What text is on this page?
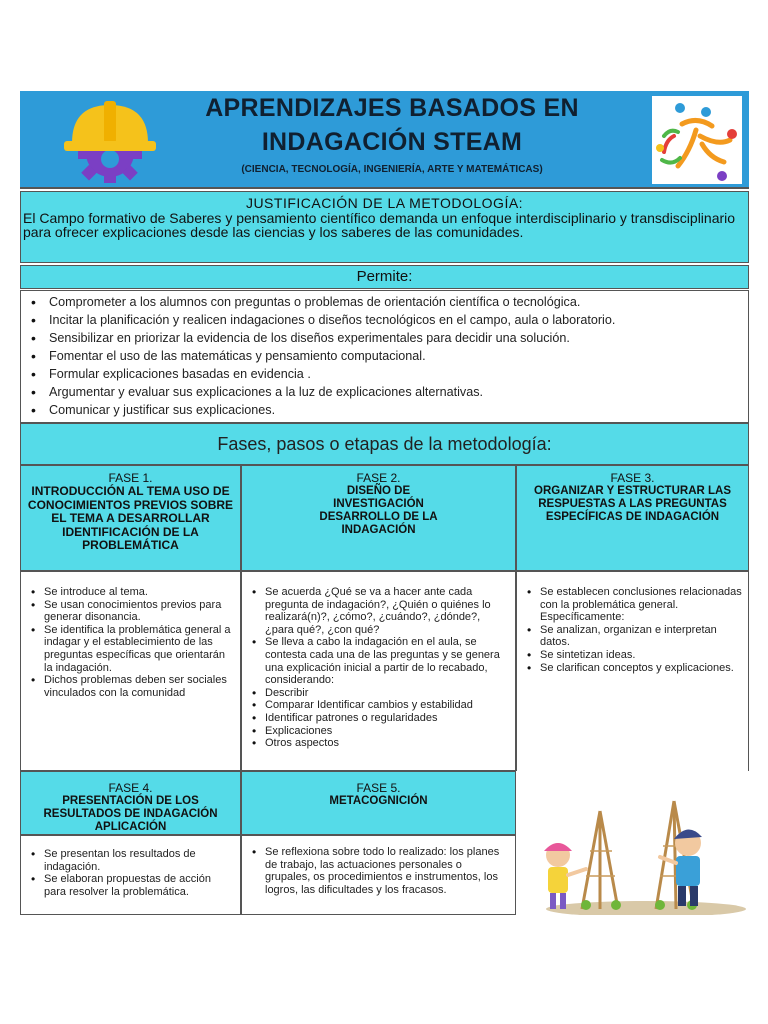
APRENDIZAJES BASADOS EN
INDAGACIÓN STEAM
(CIENCIA, TECNOLOGÍA, INGENIERÍA, ARTE Y MATEMÁTICAS)
JUSTIFICACIÓN DE LA METODOLOGÍA:
El Campo formativo de Saberes y pensamiento científico demanda un enfoque interdisciplinario y transdisciplinario para ofrecer explicaciones desde las ciencias y los saberes de las comunidades.
Permite:
• Comprometer a los alumnos con preguntas o problemas de orientación científica o tecnológica.
• Incitar la planificación y realicen indagaciones o diseños tecnológicos en el campo, aula o laboratorio.
• Sensibilizar en priorizar la evidencia de los diseños experimentales para decidir una solución.
• Fomentar el uso de las matemáticas y pensamiento computacional.
• Formular explicaciones basadas en evidencia .
• Argumentar y evaluar sus explicaciones a la luz de explicaciones alternativas.
• Comunicar y justificar sus explicaciones.
Fases, pasos o etapas de la metodología:
FASE 1.
INTRODUCCIÓN AL TEMA USO DE CONOCIMIENTOS PREVIOS SOBRE EL TEMA A DESARROLLAR IDENTIFICACIÓN DE LA PROBLEMÁTICA
FASE 2.
DISEÑO DE INVESTIGACIÓN DESARROLLO DE LA INDAGACIÓN
FASE 3.
ORGANIZAR Y ESTRUCTURAR LAS RESPUESTAS A LAS PREGUNTAS ESPECÍFICAS DE INDAGACIÓN
• Se introduce al tema.
• Se usan conocimientos previos para generar disonancia.
• Se identifica la problemática general a indagar y el establecimiento de las preguntas específicas que orientarán la indagación.
• Dichos problemas deben ser sociales vinculados con la comunidad
• Se acuerda ¿Qué se va a hacer ante cada pregunta de indagación?, ¿Quién o quiénes lo realizará(n)?, ¿cómo?, ¿cuándo?, ¿dónde?, ¿para qué?, ¿con qué?
• Se lleva a cabo la indagación en el aula, se contesta cada una de las preguntas y se genera una explicación inicial a partir de lo recabado, considerando:
• Describir
• Comparar Identificar cambios y estabilidad
• Identificar patrones o regularidades
• Explicaciones
• Otros aspectos
• Se establecen conclusiones relacionadas con la problemática general.
Específicamente:
• Se analizan, organizan e interpretan datos.
• Se sintetizan ideas.
• Se clarifican conceptos y explicaciones.
FASE 4.
PRESENTACIÓN DE LOS RESULTADOS DE INDAGACIÓN APLICACIÓN
FASE 5.
METACOGNICIÓN
• Se presentan los resultados de indagación.
• Se elaboran propuestas de acción para resolver la problemática.
• Se reflexiona sobre todo lo realizado: los planes de trabajo, las actuaciones personales o grupales, os procedimientos e instrumentos, los logros, las dificultades y los fracasos.
